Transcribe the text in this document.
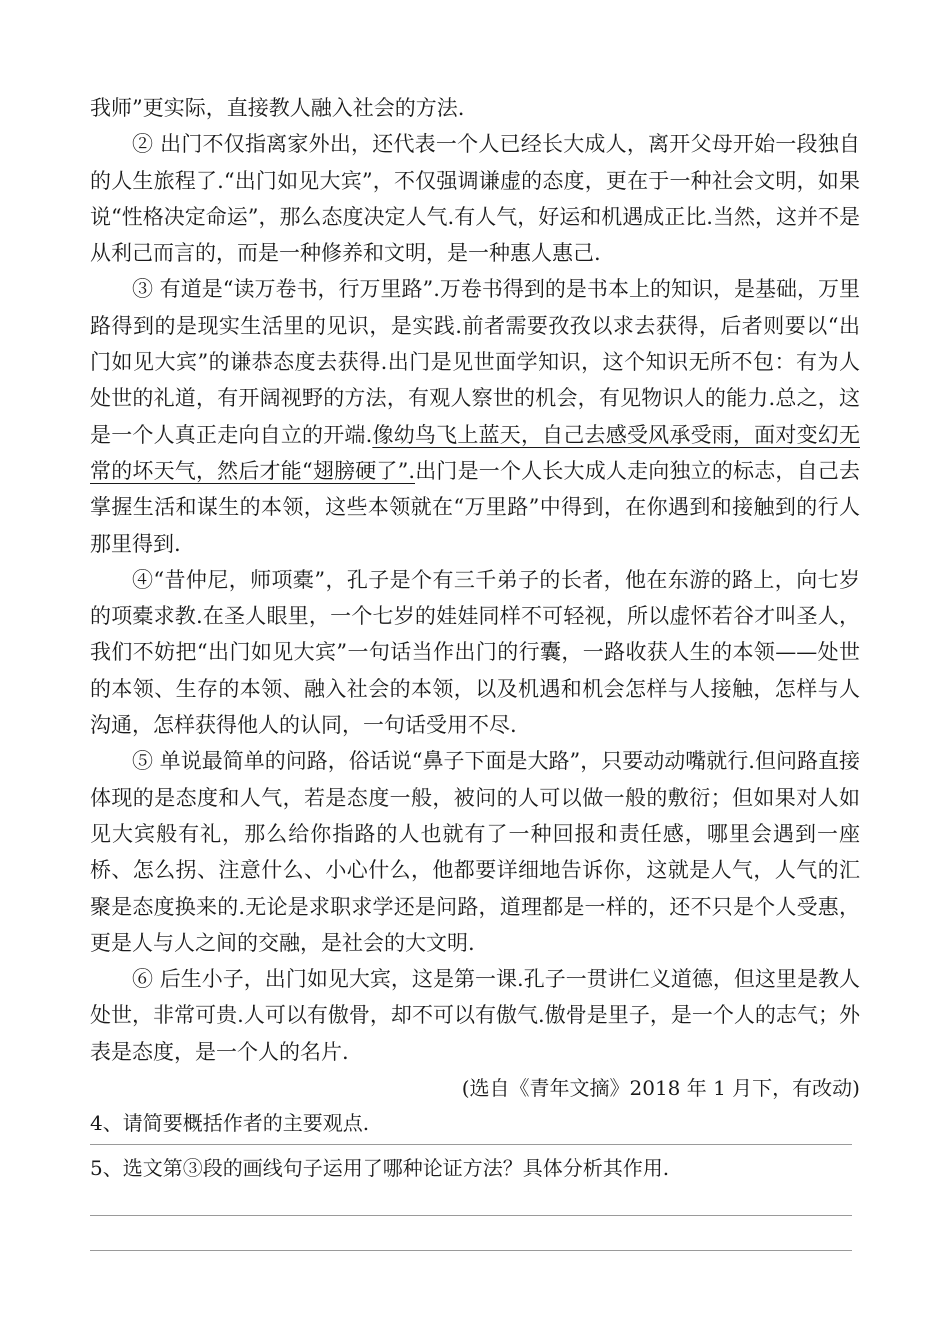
我师”更实际，直接教人融入社会的方法.

② 出门不仅指离家外出，还代表一个人已经长大成人，离开父母开始一段独自的人生旅程了.“出门如见大宾”，不仅强调谦虚的态度，更在于一种社会文明，如果说“性格决定命运”，那么态度决定人气.有人气，好运和机遇成正比.当然，这并不是从利己而言的，而是一种修养和文明，是一种惠人惠己.

③ 有道是“读万卷书，行万里路”.万卷书得到的是书本上的知识，是基础，万里路得到的是现实生活里的见识，是实践.前者需要孜孜以求去获得，后者则要以“出门如见大宾”的谦恭态度去获得.出门是见世面学知识，这个知识无所不包：有为人处世的礼道，有开阔视野的方法，有观人察世的机会，有见物识人的能力.总之，这是一个人真正走向自立的开端.像幼鸟飞上蓝天，自己去感受风承受雨，面对变幻无常的坏天气，然后才能“翅膀硬了”.出门是一个人长大成人走向独立的标志，自己去掌握生活和谋生的本领，这些本领就在“万里路”中得到，在你遇到和接触到的行人那里得到.

④“昔仲尼，师项橐”，孔子是个有三千弟子的长者，他在东游的路上，向七岁的项橐求教.在圣人眼里，一个七岁的娃娃同样不可轻视，所以虚怀若谷才叫圣人，我们不妨把“出门如见大宾”一句话当作出门的行囊，一路收获人生的本领——处世的本领、生存的本领、融入社会的本领，以及机遇和机会怎样与人接触，怎样与人沟通，怎样获得他人的认同，一句话受用不尽.

⑤ 单说最简单的问路，俗话说“鼻子下面是大路”，只要动动嘴就行.但问路直接体现的是态度和人气，若是态度一般，被问的人可以做一般的敷衍；但如果对人如见大宾般有礼，那么给你指路的人也就有了一种回报和责任感，哪里会遇到一座桥、怎么拐、注意什么、小心什么，他都要详细地告诉你，这就是人气，人气的汇聚是态度换来的.无论是求职求学还是问路，道理都是一样的，还不只是个人受惠，更是人与人之间的交融，是社会的大文明.

⑥ 后生小子，出门如见大宾，这是第一课.孔子一贯讲仁义道德，但这里是教人处世，非常可贵.人可以有傲骨，却不可以有傲气.傲骨是里子，是一个人的志气；外表是态度，是一个人的名片.

(选自《青年文摘》2018 年 1 月下，有改动)

4、请简要概括作者的主要观点.

5、选文第③段的画线句子运用了哪种论证方法？具体分析其作用.
